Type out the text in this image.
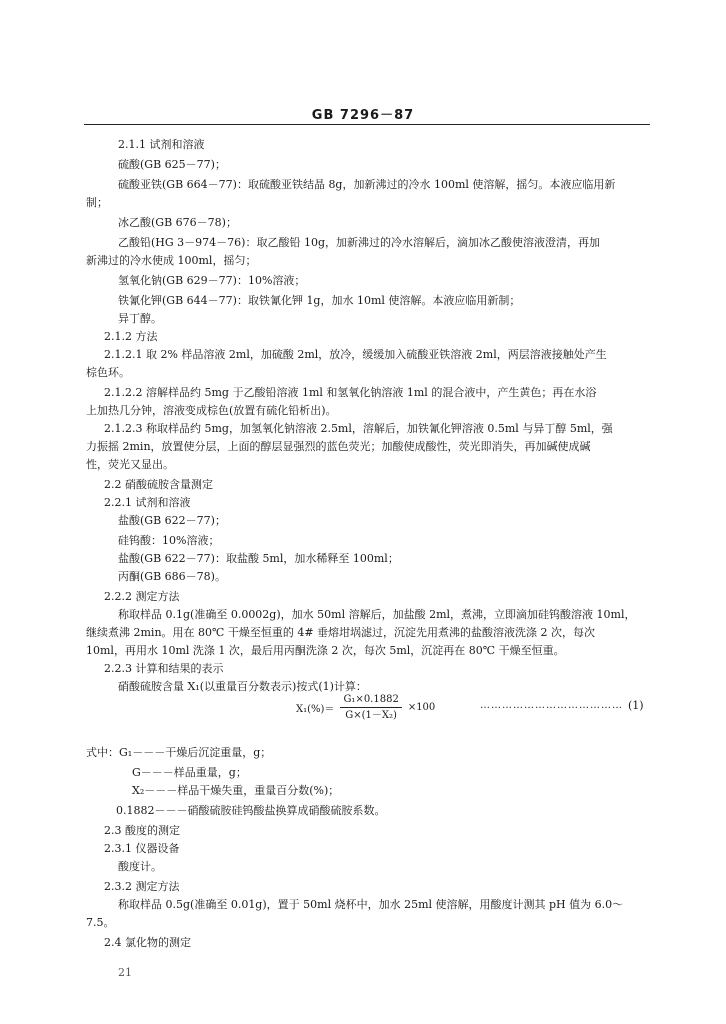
GB 7296－87
2.1.1 试剂和溶液
硫酸(GB 625－77)；
硫酸亚铁(GB 664－77)：取硫酸亚铁结晶 8g，加新沸过的冷水 100ml 使溶解，摇匀。本液应临用新
制；
冰乙酸(GB 676－78)；
乙酸铅(HG 3－974－76)：取乙酸铅 10g，加新沸过的冷水溶解后，滴加冰乙酸使溶液澄清，再加
新沸过的冷水使成 100ml，摇匀；
氢氧化钠(GB 629－77)：10%溶液；
铁氰化钾(GB 644－77)：取铁氰化钾 1g，加水 10ml 使溶解。本液应临用新制；
异丁醇。
2.1.2 方法
2.1.2.1 取 2% 样品溶液 2ml，加硫酸 2ml，放冷，缓缓加入硫酸亚铁溶液 2ml，两层溶液接触处产生
棕色环。
2.1.2.2 溶解样品约 5mg 于乙酸铅溶液 1ml 和氢氧化钠溶液 1ml 的混合液中，产生黄色；再在水浴
上加热几分钟，溶液变成棕色(放置有硫化铅析出)。
2.1.2.3 称取样品约 5mg，加氢氧化钠溶液 2.5ml，溶解后，加铁氰化钾溶液 0.5ml 与异丁醇 5ml，强
力振摇 2min，放置使分层，上面的醇层显强烈的蓝色荧光；加酸使成酸性，荧光即消失，再加碱使成碱
性，荧光又显出。
2.2 硝酸硫胺含量测定
2.2.1 试剂和溶液
盐酸(GB 622－77)；
硅钨酸：10%溶液；
盐酸(GB 622－77)：取盐酸 5ml，加水稀释至 100ml；
丙酮(GB 686－78)。
2.2.2 测定方法
称取样品 0.1g(准确至 0.0002g)，加水 50ml 溶解后，加盐酸 2ml，煮沸，立即滴加硅钨酸溶液 10ml，
继续煮沸 2min。用在 80℃ 干燥至恒重的 4# 垂熔坩埚滤过，沉淀先用煮沸的盐酸溶液洗涤 2 次，每次
10ml，再用水 10ml 洗涤 1 次，最后用丙酮洗涤 2 次，每次 5ml，沉淀再在 80℃ 干燥至恒重。
2.2.3 计算和结果的表示
硝酸硫胺含量 X₁(以重量百分数表示)按式(1)计算：
式中：G₁－－－干燥后沉淀重量，g；
G－－－样品重量，g；
X₂－－－样品干燥失重，重量百分数(%)；
0.1882－－－硝酸硫胺硅钨酸盐换算成硝酸硫胺系数。
2.3 酸度的测定
2.3.1 仪器设备
酸度计。
2.3.2 测定方法
称取样品 0.5g(准确至 0.01g)，置于 50ml 烧杯中，加水 25ml 使溶解，用酸度计测其 pH 值为 6.0～
7.5。
2.4 氯化物的测定
$X_1(\%)= \frac{\text{G₁×0.1882}}{\text{G×(1－X₂)}} \times 100$	………………………………… (1)
21
